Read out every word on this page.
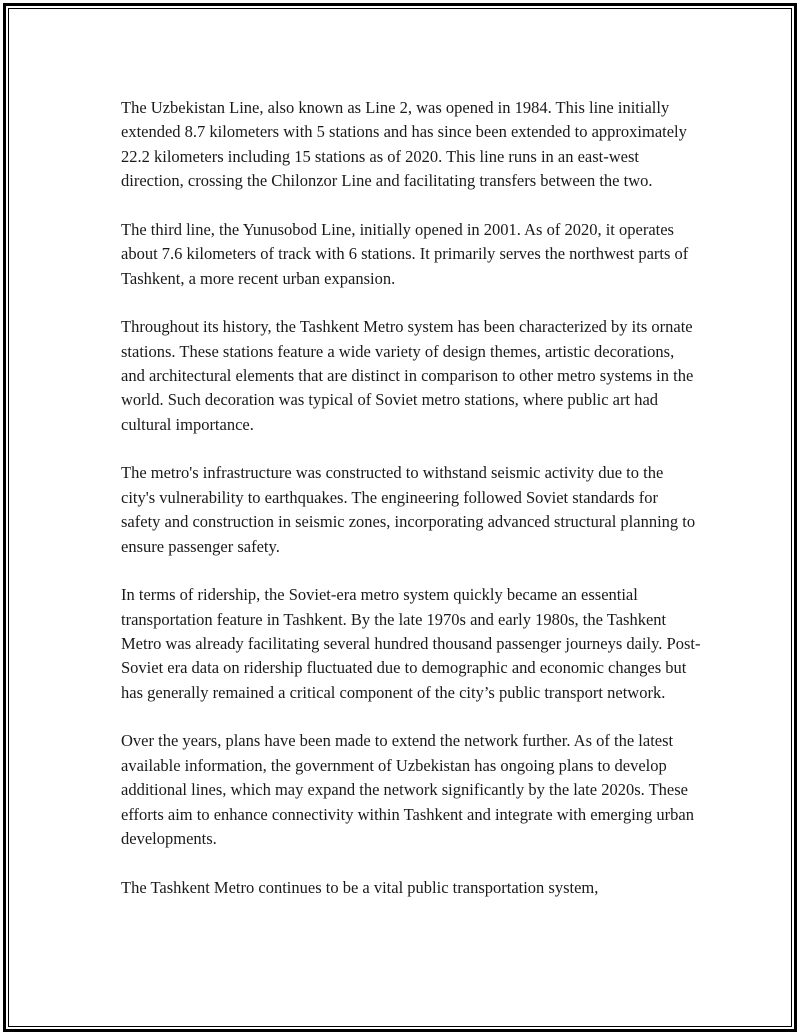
The Uzbekistan Line, also known as Line 2, was opened in 1984. This line initially extended 8.7 kilometers with 5 stations and has since been extended to approximately 22.2 kilometers including 15 stations as of 2020. This line runs in an east-west direction, crossing the Chilonzor Line and facilitating transfers between the two.

The third line, the Yunusobod Line, initially opened in 2001. As of 2020, it operates about 7.6 kilometers of track with 6 stations. It primarily serves the northwest parts of Tashkent, a more recent urban expansion.

Throughout its history, the Tashkent Metro system has been characterized by its ornate stations. These stations feature a wide variety of design themes, artistic decorations, and architectural elements that are distinct in comparison to other metro systems in the world. Such decoration was typical of Soviet metro stations, where public art had cultural importance.

The metro's infrastructure was constructed to withstand seismic activity due to the city's vulnerability to earthquakes. The engineering followed Soviet standards for safety and construction in seismic zones, incorporating advanced structural planning to ensure passenger safety.

In terms of ridership, the Soviet-era metro system quickly became an essential transportation feature in Tashkent. By the late 1970s and early 1980s, the Tashkent Metro was already facilitating several hundred thousand passenger journeys daily. Post-Soviet era data on ridership fluctuated due to demographic and economic changes but has generally remained a critical component of the city’s public transport network.

Over the years, plans have been made to extend the network further. As of the latest available information, the government of Uzbekistan has ongoing plans to develop additional lines, which may expand the network significantly by the late 2020s. These efforts aim to enhance connectivity within Tashkent and integrate with emerging urban developments.

The Tashkent Metro continues to be a vital public transportation system,
